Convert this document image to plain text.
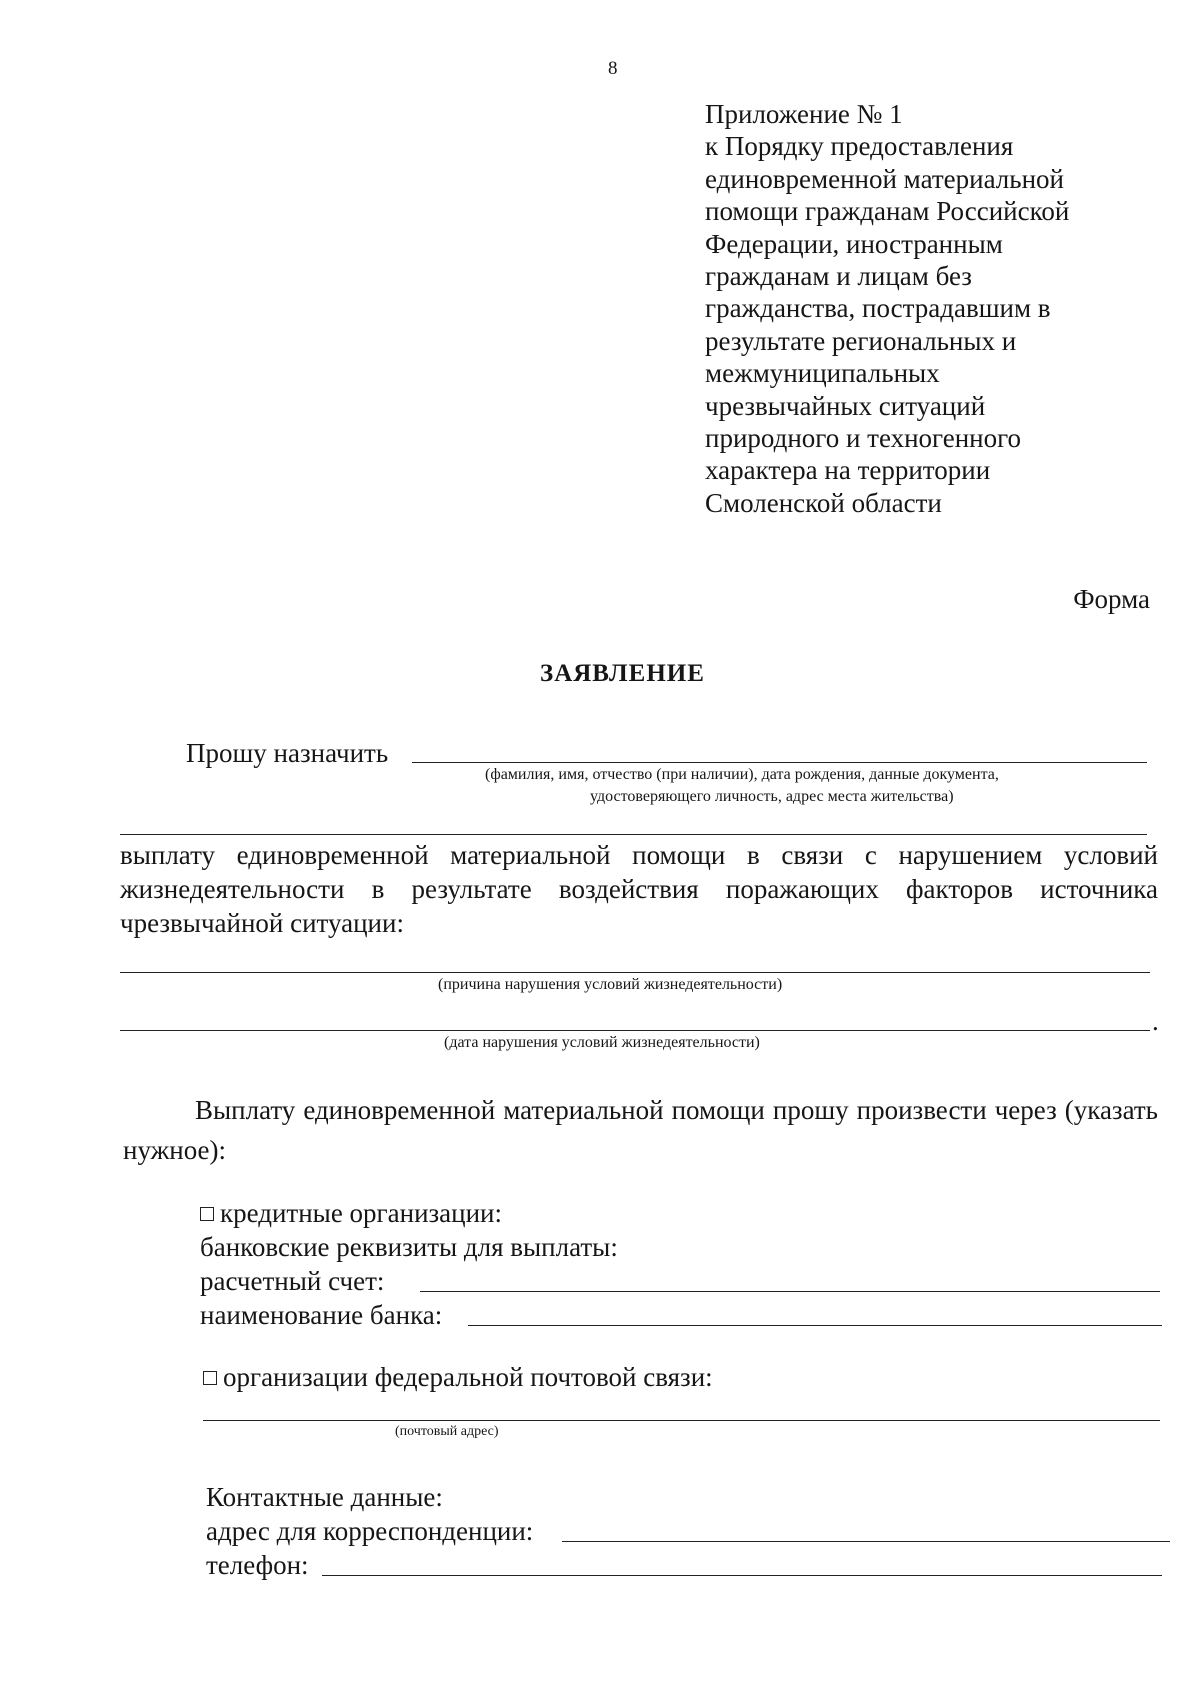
8
Приложение № 1
к Порядку предоставления
единовременной материальной
помощи гражданам Российской
Федерации, иностранным
гражданам и лицам без
гражданства, пострадавшим в
результате региональных и
межмуниципальных
чрезвычайных ситуаций
природного и техногенного
характера на территории
Смоленской области
Форма
ЗАЯВЛЕНИЕ
Прошу назначить
(фамилия, имя, отчество (при наличии), дата рождения, данные документа,
удостоверяющего личность, адрес места жительства)
выплату единовременной материальной помощи в связи с нарушением условий жизнедеятельности в результате воздействия поражающих факторов источника чрезвычайной ситуации:
(причина нарушения условий жизнедеятельности)
.
(дата нарушения условий жизнедеятельности)
Выплату единовременной материальной помощи прошу произвести через (указать нужное):
кредитные организации:
банковские реквизиты для выплаты:
расчетный счет:
наименование банка:
организации федеральной почтовой связи:
(почтовый адрес)
Контактные данные:
адрес для корреспонденции:
телефон:
